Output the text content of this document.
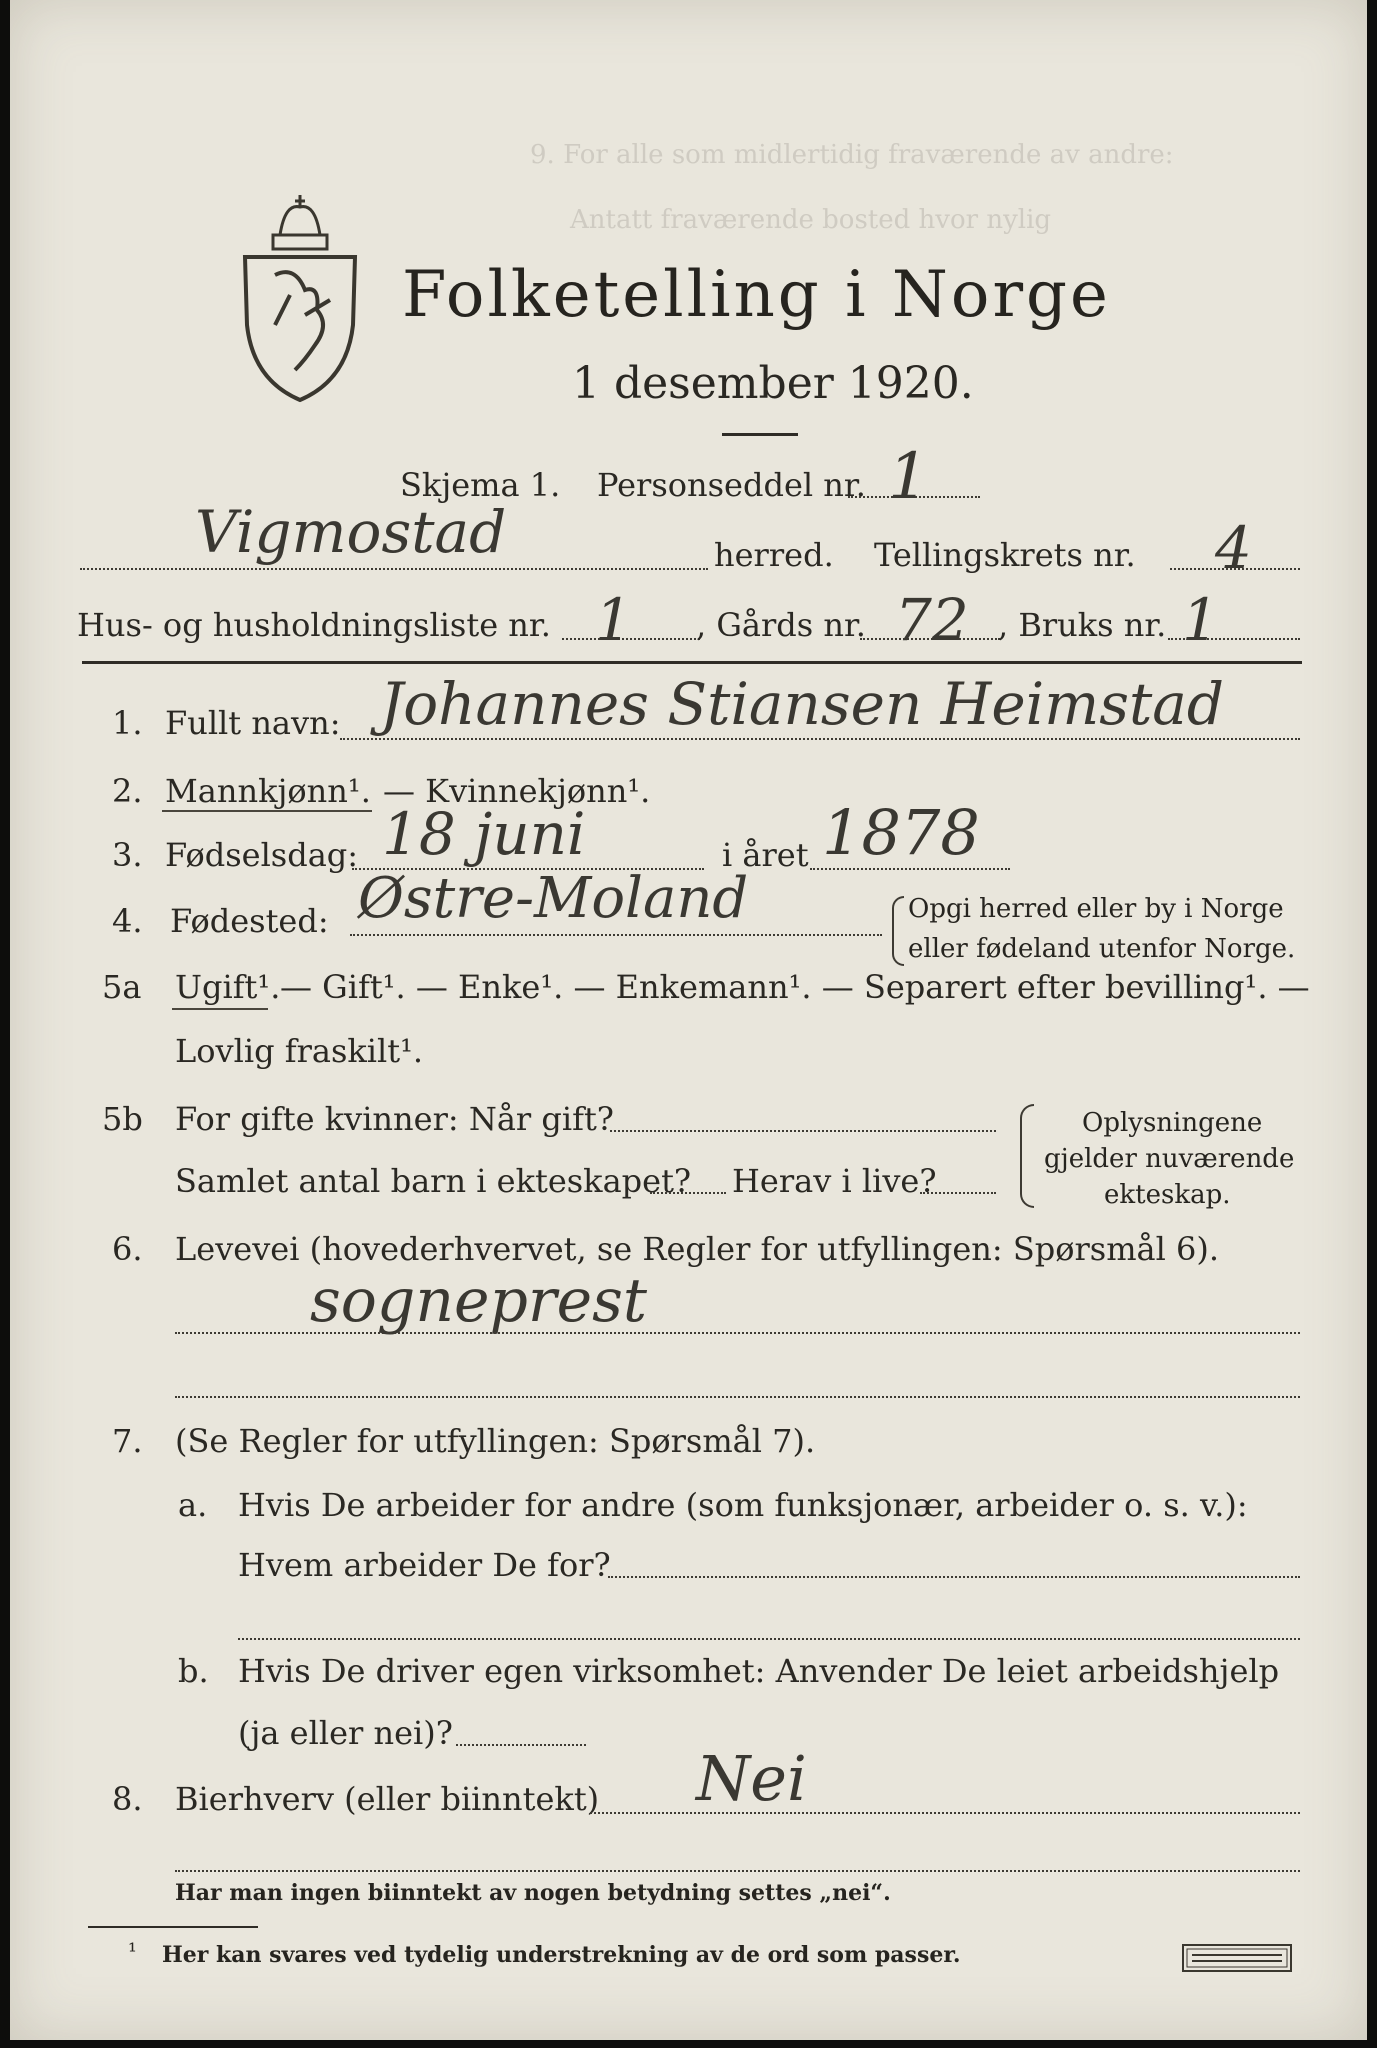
9. For alle som midlertidig fraværende av andre:
Antatt fraværende bosted hvor nylig
Folketelling i Norge
1 desember 1920.
Skjema 1. Personseddel nr. 1
Vigmostad	herred. Tellingskrets nr. 4
Hus- og husholdningsliste nr. 1 , Gårds nr. 72 , Bruks nr. 1
1. Fullt navn: Johannes Stiansen Heimstad
2. Mannkjønn¹. — Kvinnekjønn¹.
3. Fødselsdag: 18 juni	i året 1878
4. Fødested: Østre-Moland	Opgi herred eller by i Norge
eller fødeland utenfor Norge.
5a Ugift¹. — Gift¹. — Enke¹. — Enkemann¹. — Separert efter bevilling¹. —
Lovlig fraskilt¹.
5b For gifte kvinner: Når gift?
Samlet antal barn i ekteskapet? Herav i live?
Oplysningene
gjelder nuværende
ekteskap.
6. Levevei (hovederhvervet, se Regler for utfyllingen: Spørsmål 6).
sognеprest
7. (Se Regler for utfyllingen: Spørsmål 7).
a. Hvis De arbeider for andre (som funksjonær, arbeider o. s. v.):
Hvem arbeider De for?
b. Hvis De driver egen virksomhet: Anvender De leiet arbeidshjelp
(ja eller nei)?
8. Bierhverv (eller biinntekt) Nei
Har man ingen biinntekt av nogen betydning settes „nei“.
¹ Her kan svares ved tydelig understrekning av de ord som passer.
